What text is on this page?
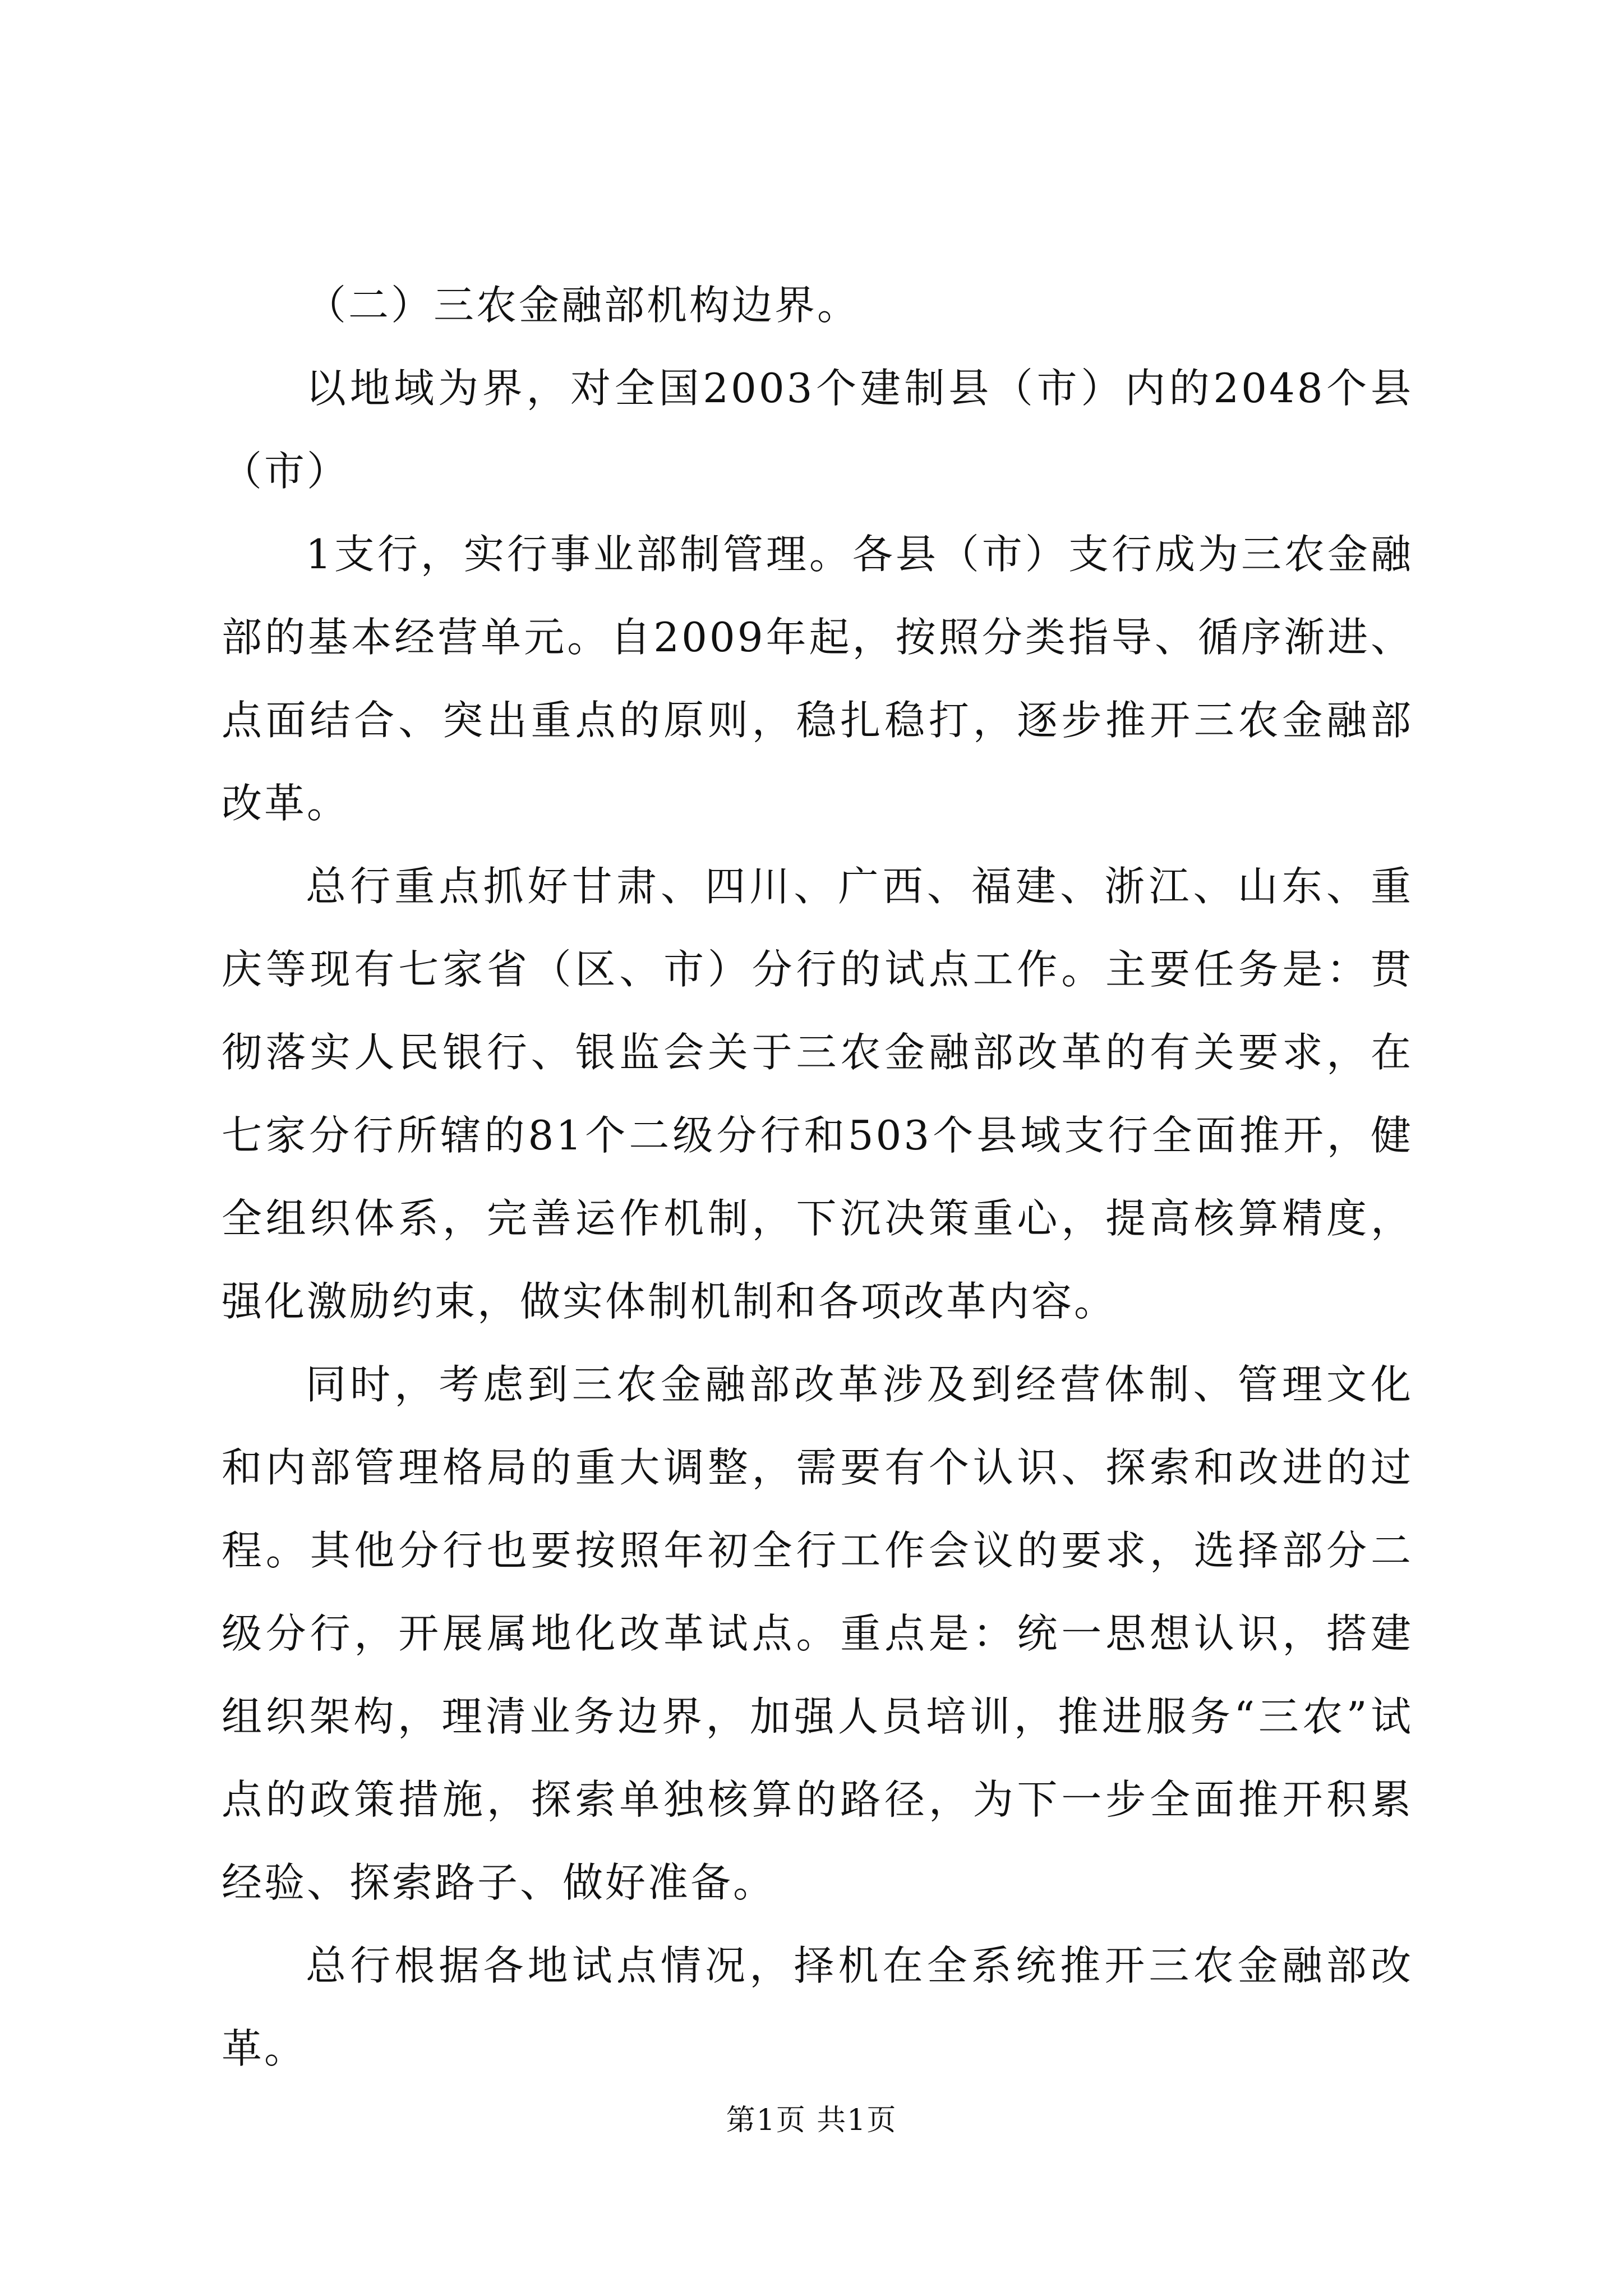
（二）三农金融部机构边界。

以地域为界，对全国2003个建制县（市）内的2048个县（市）

1支行，实行事业部制管理。各县（市）支行成为三农金融部的基本经营单元。自2009年起，按照分类指导、循序渐进、点面结合、突出重点的原则，稳扎稳打，逐步推开三农金融部改革。

总行重点抓好甘肃、四川、广西、福建、浙江、山东、重庆等现有七家省（区、市）分行的试点工作。主要任务是：贯彻落实人民银行、银监会关于三农金融部改革的有关要求，在七家分行所辖的81个二级分行和503个县域支行全面推开，健全组织体系，完善运作机制，下沉决策重心，提高核算精度，强化激励约束，做实体制机制和各项改革内容。

同时，考虑到三农金融部改革涉及到经营体制、管理文化和内部管理格局的重大调整，需要有个认识、探索和改进的过程。其他分行也要按照年初全行工作会议的要求，选择部分二级分行，开展属地化改革试点。重点是：统一思想认识，搭建组织架构，理清业务边界，加强人员培训，推进服务“三农”试点的政策措施，探索单独核算的路径，为下一步全面推开积累经验、探索路子、做好准备。

总行根据各地试点情况，择机在全系统推开三农金融部改革。

第1页 共1页
